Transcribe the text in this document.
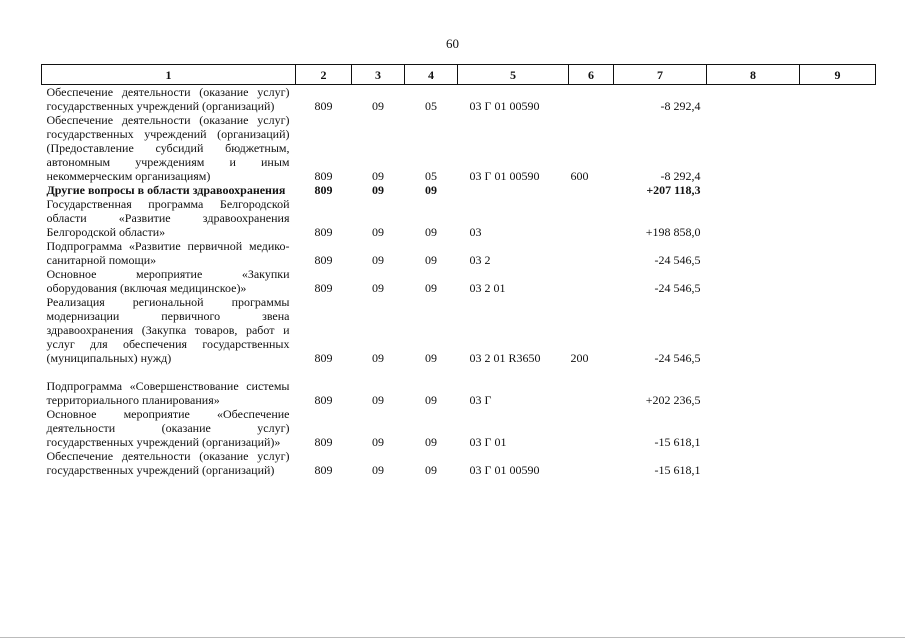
60
1	2	3	4	5	6	7	8	9
Обеспечение деятельности (оказание услуг) государственных учреждений (организаций)	809	09	05	03 Г 01 00590		-8 292,4		
Обеспечение деятельности (оказание услуг) государственных учреждений (организаций) (Предоставление субсидий бюджетным, автономным учреждениям и иным некоммерческим организациям)	809	09	05	03 Г 01 00590	600	-8 292,4		
Другие вопросы в области здравоохранения	809	09	09			+207 118,3		
Государственная программа Белгородской области «Развитие здравоохранения Белгородской области»	809	09	09	03		+198 858,0		
Подпрограмма «Развитие первичной медико-санитарной помощи»	809	09	09	03 2		-24 546,5		
Основное мероприятие «Закупки оборудования (включая медицинское)»	809	09	09	03 2 01		-24 546,5		
Реализация региональной программы модернизации первичного звена здравоохранения (Закупка товаров, работ и услуг для обеспечения государственных (муниципальных) нужд)	809	09	09	03 2 01 R3650	200	-24 546,5		

Подпрограмма «Совершенствование системы территориального планирования»	809	09	09	03 Г		+202 236,5		
Основное мероприятие «Обеспечение деятельности (оказание услуг) государственных учреждений (организаций)»	809	09	09	03 Г 01		-15 618,1		
Обеспечение деятельности (оказание услуг) государственных учреждений (организаций)	809	09	09	03 Г 01 00590		-15 618,1		
